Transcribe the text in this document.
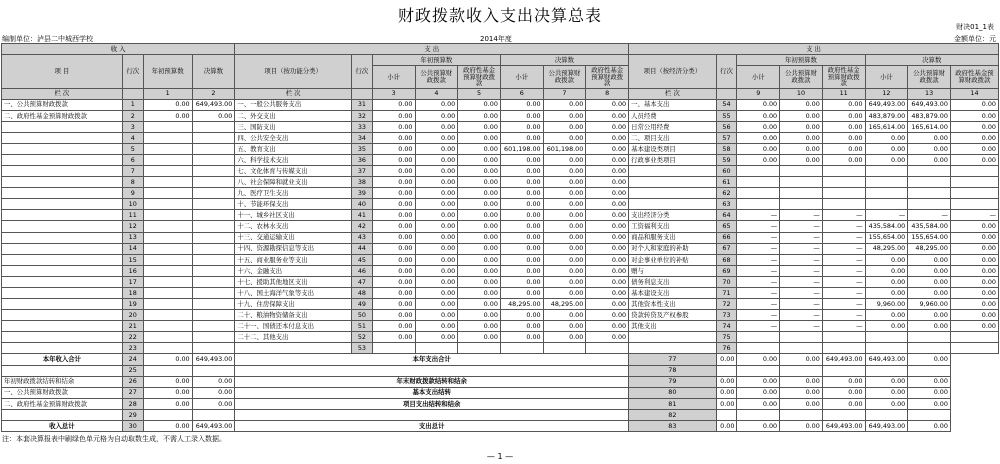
财政拨款收入支出决算总表
财决01_1表
编制单位：泸县二中城西学校	2014年度	金额单位：元
收 入				支 出								支 出							
项 目	行次	年初预算数	决算数	项目（按功能分类）	行次	年初预算数			决算数			项目（按经济分类）	行次	年初预算数			决算数		
						小计	公共预算财政拨款	政府性基金预算财政拨款	小计	公共预算财政拨款	政府性基金预算财政拨款			小计	公共预算财政拨款	政府性基金预算财政拨款	小计	公共预算财政拨款	政府性基金预算财政拨款
栏 次		1	2	栏 次		3	4	5	6	7	8	栏 次		9	10	11	12	13	14
一、公共预算财政拨款	1	0.00	649,493.00	一、一般公共服务支出	31	0.00	0.00	0.00	0.00	0.00	0.00	一、基本支出	54	0.00	0.00	0.00	649,493.00	649,493.00	0.00
二、政府性基金预算财政拨款	2	0.00	0.00	二、外交支出	32	0.00	0.00	0.00	0.00	0.00	0.00	人员经费	55	0.00	0.00	0.00	483,879.00	483,879.00	0.00
	3			三、国防支出	33	0.00	0.00	0.00	0.00	0.00	0.00	日常公用经费	56	0.00	0.00	0.00	165,614.00	165,614.00	0.00
	4			四、公共安全支出	34	0.00	0.00	0.00	0.00	0.00	0.00	二、项目支出	57	0.00	0.00	0.00	0.00	0.00	0.00
	5			五、教育支出	35	0.00	0.00	0.00	601,198.00	601,198.00	0.00	基本建设类项目	58	0.00	0.00	0.00	0.00	0.00	0.00
	6			六、科学技术支出	36	0.00	0.00	0.00	0.00	0.00	0.00	行政事业类项目	59	0.00	0.00	0.00	0.00	0.00	0.00
	7			七、文化体育与传媒支出	37	0.00	0.00	0.00	0.00	0.00	0.00		60						
	8			八、社会保障和就业支出	38	0.00	0.00	0.00	0.00	0.00	0.00		61						
	9			九、医疗卫生支出	39	0.00	0.00	0.00	0.00	0.00	0.00		62						
	10			十、节能环保支出	40	0.00	0.00	0.00	0.00	0.00	0.00		63						
	11			十一、城乡社区支出	41	0.00	0.00	0.00	0.00	0.00	0.00	支出经济分类	64	—	—	—	—	—	—
	12			十二、农林水支出	42	0.00	0.00	0.00	0.00	0.00	0.00	工资福利支出	65	—	—	—	435,584.00	435,584.00	0.00
	13			十三、交通运输支出	43	0.00	0.00	0.00	0.00	0.00	0.00	商品和服务支出	66	—	—	—	155,654.00	155,654.00	0.00
	14			十四、资源勘探信息等支出	44	0.00	0.00	0.00	0.00	0.00	0.00	对个人和家庭的补助	67	—	—	—	48,295.00	48,295.00	0.00
	15			十五、商业服务业等支出	45	0.00	0.00	0.00	0.00	0.00	0.00	对企事业单位的补贴	68	—	—	—	0.00	0.00	0.00
	16			十六、金融支出	46	0.00	0.00	0.00	0.00	0.00	0.00	赠与	69	—	—	—	0.00	0.00	0.00
	17			十七、援助其他地区支出	47	0.00	0.00	0.00	0.00	0.00	0.00	债务利息支出	70	—	—	—	0.00	0.00	0.00
	18			十八、国土海洋气象等支出	48	0.00	0.00	0.00	0.00	0.00	0.00	基本建设支出	71	—	—	—	0.00	0.00	0.00
	19			十九、住房保障支出	49	0.00	0.00	0.00	48,295.00	48,295.00	0.00	其他资本性支出	72	—	—	—	9,960.00	9,960.00	0.00
	20			二十、粮油物资储备支出	50	0.00	0.00	0.00	0.00	0.00	0.00	贷款转贷及产权参股	73	—	—	—	0.00	0.00	0.00
	21			二十一、国债还本付息支出	51	0.00	0.00	0.00	0.00	0.00	0.00	其他支出	74	—	—	—	0.00	0.00	0.00
	22			二十二、其他支出	52	0.00	0.00	0.00	0.00	0.00	0.00		75						
	23				53								76						
本年收入合计	24	0.00	649,493.00	本年支出合计								77	0.00	0.00	0.00	649,493.00	649,493.00	0.00	
	25											78							
年初财政拨款结转和结余	26	0.00	0.00	年末财政拨款结转和结余								79	0.00	0.00	0.00	0.00	0.00	0.00	
一、公共预算财政拨款	27	0.00	0.00	基本支出结转								80	0.00	0.00	0.00	0.00	0.00	0.00	
二、政府性基金预算财政拨款	28	0.00	0.00	项目支出结转和结余								81	0.00	0.00	0.00	0.00	0.00	0.00	
	29											82							
收入总计	30	0.00	649,493.00	支出总计								83	0.00	0.00	0.00	649,493.00	649,493.00	0.00	
注：本套决算报表中刷绿色单元格为自动取数生成，不需人工录入数据。
— 1 —
